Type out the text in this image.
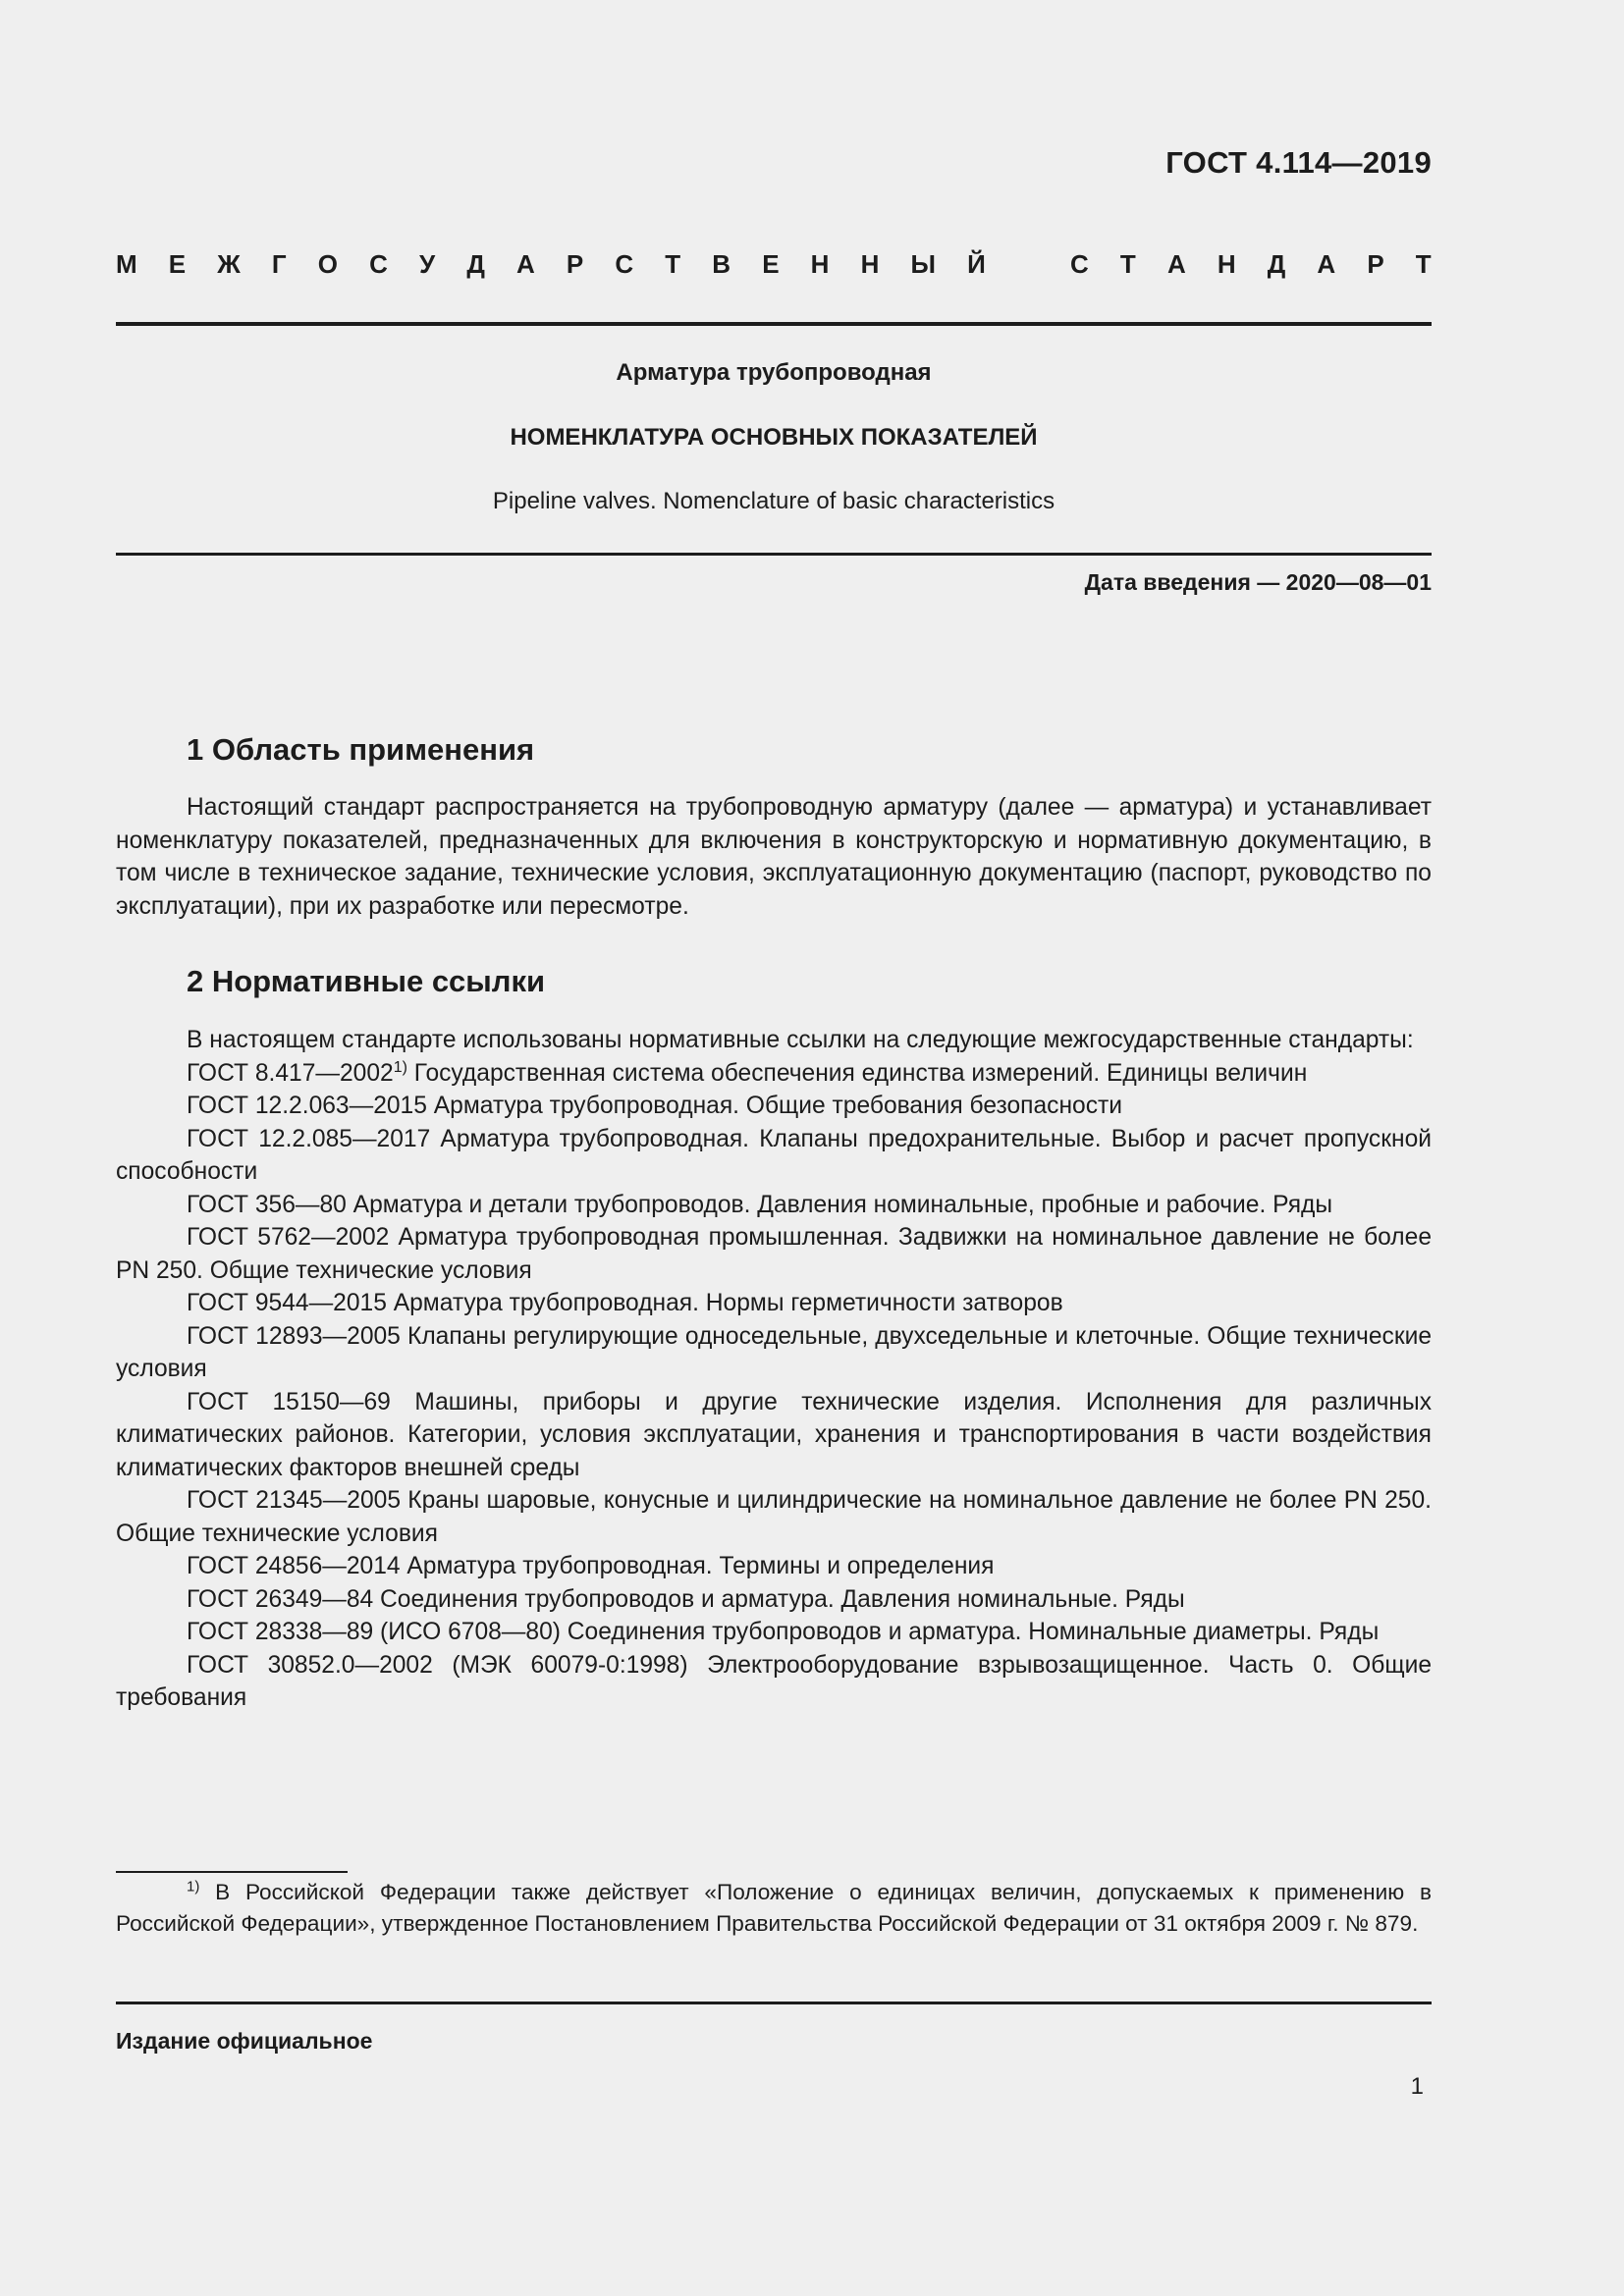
ГОСТ 4.114—2019
М Е Ж Г О С У Д А Р С Т В Е Н Н Ы Й	С Т А Н Д А Р Т
Арматура трубопроводная
НОМЕНКЛАТУРА ОСНОВНЫХ ПОКАЗАТЕЛЕЙ
Pipeline valves. Nomenclature of basic characteristics
Дата введения — 2020—08—01
1 Область применения

Настоящий стандарт распространяется на трубопроводную арматуру (далее — арматура) и устанавливает номенклатуру показателей, предназначенных для включения в конструкторскую и нормативную документацию, в том числе в техническое задание, технические условия, эксплуатационную документацию (паспорт, руководство по эксплуатации), при их разработке или пересмотре.

2 Нормативные ссылки

В настоящем стандарте использованы нормативные ссылки на следующие межгосударственные стандарты:

ГОСТ 8.417—2002$^{1)}$ Государственная система обеспечения единства измерений. Единицы величин

ГОСТ 12.2.063—2015 Арматура трубопроводная. Общие требования безопасности

ГОСТ 12.2.085—2017 Арматура трубопроводная. Клапаны предохранительные. Выбор и расчет пропускной способности

ГОСТ 356—80 Арматура и детали трубопроводов. Давления номинальные, пробные и рабочие. Ряды

ГОСТ 5762—2002 Арматура трубопроводная промышленная. Задвижки на номинальное давление не более PN 250. Общие технические условия

ГОСТ 9544—2015 Арматура трубопроводная. Нормы герметичности затворов

ГОСТ 12893—2005 Клапаны регулирующие односедельные, двухседельные и клеточные. Общие технические условия

ГОСТ 15150—69 Машины, приборы и другие технические изделия. Исполнения для различных климатических районов. Категории, условия эксплуатации, хранения и транспортирования в части воздействия климатических факторов внешней среды

ГОСТ 21345—2005 Краны шаровые, конусные и цилиндрические на номинальное давление не более PN 250. Общие технические условия

ГОСТ 24856—2014 Арматура трубопроводная. Термины и определения

ГОСТ 26349—84 Соединения трубопроводов и арматура. Давления номинальные. Ряды

ГОСТ 28338—89 (ИСО 6708—80) Соединения трубопроводов и арматура. Номинальные диаметры. Ряды

ГОСТ 30852.0—2002 (МЭК 60079-0:1998) Электрооборудование взрывозащищенное. Часть 0. Общие требования

$^{1)}$ В Российской Федерации также действует «Положение о единицах величин, допускаемых к применению в Российской Федерации», утвержденное Постановлением Правительства Российской Федерации от 31 октября 2009 г. № 879.
Издание официальное
1
